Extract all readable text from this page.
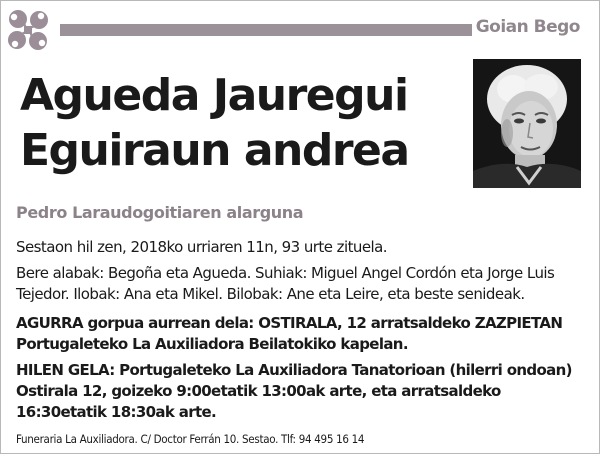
Goian Bego
Agueda Jauregui
Eguiraun andrea
Pedro Laraudogoitiaren alarguna
Sestaon hil zen, 2018ko urriaren 11n, 93 urte zituela.
Bere alabak: Begoña eta Agueda. Suhiak: Miguel Angel Cordón eta Jorge Luis Tejedor. Ilobak: Ana eta Mikel. Bilobak: Ane eta Leire, eta beste senideak.
AGURRA gorpua aurrean dela: OSTIRALA, 12 arratsaldeko ZAZPIETAN Portugaleteko La Auxiliadora Beilatokiko kapelan.
HILEN GELA: Portugaleteko La Auxiliadora Tanatorioan (hilerri ondoan) Ostirala 12, goizeko 9:00etatik 13:00ak arte, eta arratsaldeko 16:30etatik 18:30ak arte.
Funeraria La Auxiliadora. C/ Doctor Ferrán 10. Sestao. Tlf: 94 495 16 14
